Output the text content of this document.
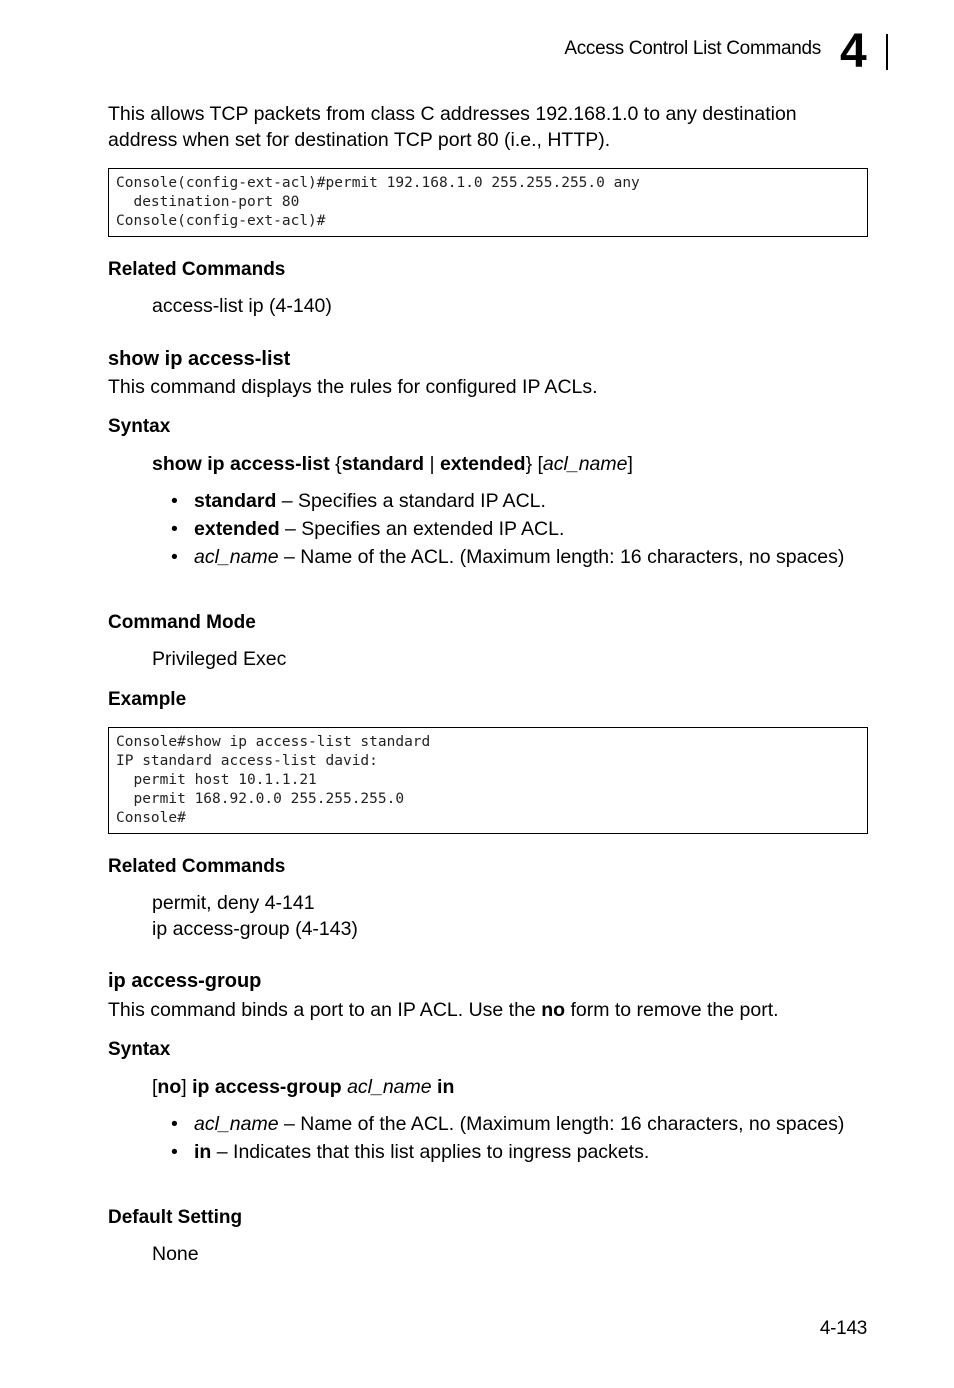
Access Control List Commands 4
This allows TCP packets from class C addresses 192.168.1.0 to any destination address when set for destination TCP port 80 (i.e., HTTP).
Console(config-ext-acl)#permit 192.168.1.0 255.255.255.0 any
destination-port 80
Console(config-ext-acl)#
Related Commands
access-list ip (4-140)
show ip access-list
This command displays the rules for configured IP ACLs.
Syntax
show ip access-list {standard | extended} [acl_name]
• standard – Specifies a standard IP ACL.
• extended – Specifies an extended IP ACL.
• acl_name – Name of the ACL. (Maximum length: 16 characters, no spaces)
Command Mode
Privileged Exec
Example
Console#show ip access-list standard
IP standard access-list david:
permit host 10.1.1.21
permit 168.92.0.0 255.255.255.0
Console#
Related Commands
permit, deny 4-141
ip access-group (4-143)
ip access-group
This command binds a port to an IP ACL. Use the no form to remove the port.
Syntax
[no] ip access-group acl_name in
• acl_name – Name of the ACL. (Maximum length: 16 characters, no spaces)
• in – Indicates that this list applies to ingress packets.
Default Setting
None
4-143
